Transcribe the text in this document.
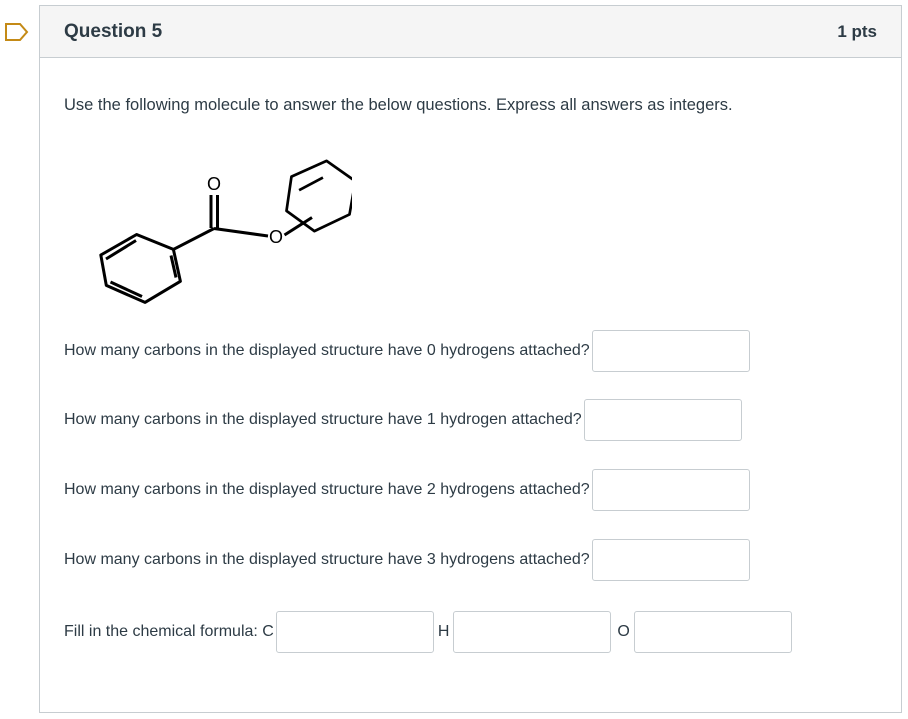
Question 5	1 pts
Use the following molecule to answer the below questions. Express all answers as integers.
O
O
How many carbons in the displayed structure have 0 hydrogens attached?
How many carbons in the displayed structure have 1 hydrogen attached?
How many carbons in the displayed structure have 2 hydrogens attached?
How many carbons in the displayed structure have 3 hydrogens attached?
Fill in the chemical formula: C	H	O
